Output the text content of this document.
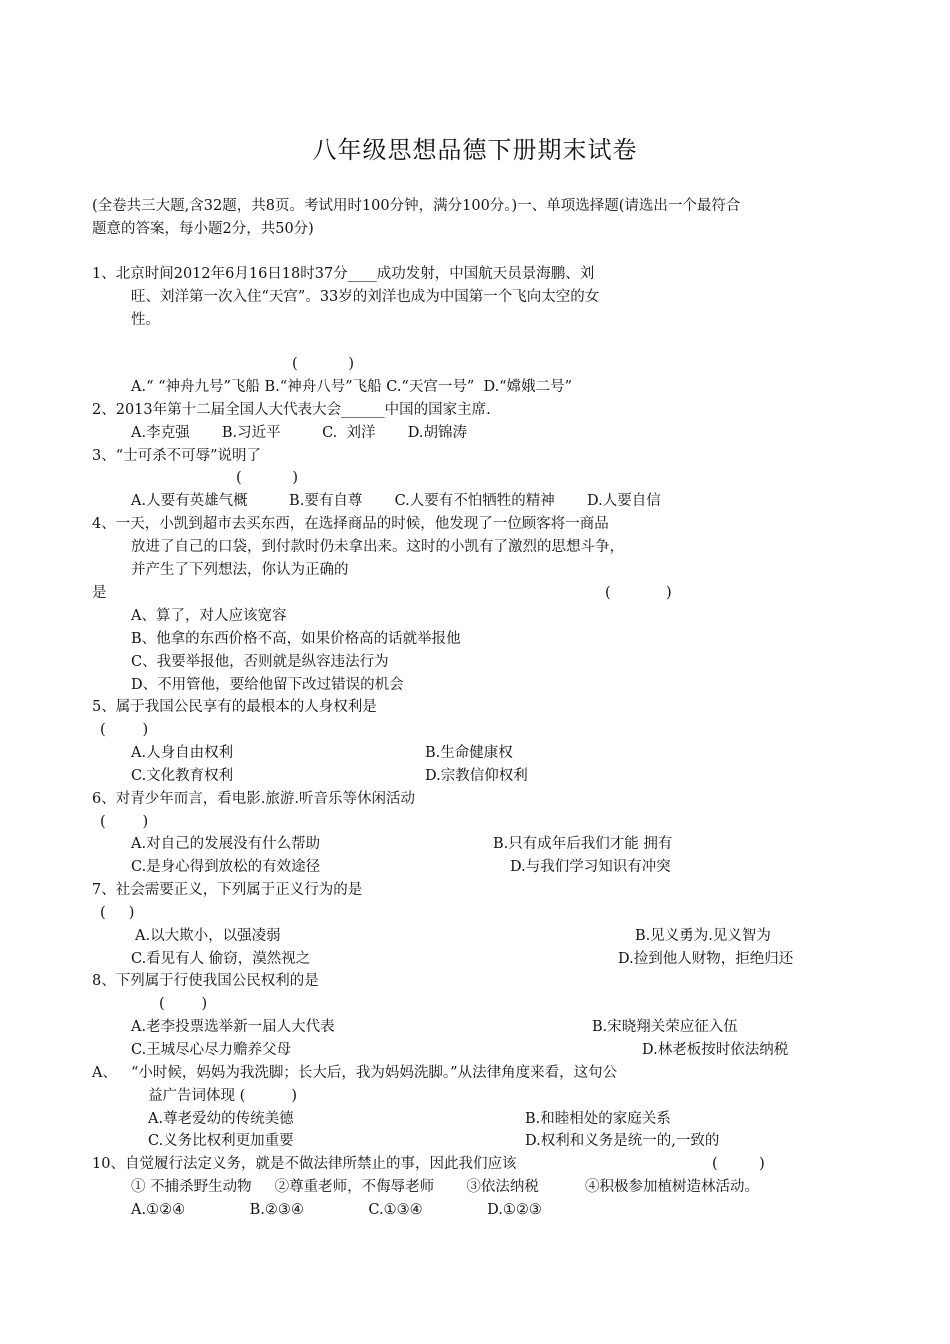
八年级思想品德下册期末试卷
(全卷共三大题,含32题，共8页。考试用时100分钟，满分100分。)一、单项选择题(请选出一个最符合
题意的答案，每小题2分，共50分)
1、北京时间2012年6月16日18时37分____成功发射，中国航天员景海鹏、刘
旺、刘洋第一次入住“天宫”。33岁的刘洋也成为中国第一个飞向太空的女
性。
(           )
A.“ “神舟九号”飞船 B.“神舟八号”飞船 C.“天宫一号”  D.“嫦娥二号”
2、2013年第十二届全国人大代表大会______中国的国家主席.
A.李克强       B.习近平         C.  刘洋       D.胡锦涛
3、“士可杀不可辱”说明了
(           )
A.人要有英雄气概         B.要有自尊       C.人要有不怕牺牲的精神       D.人要自信
4、一天，小凯到超市去买东西，在选择商品的时候，他发现了一位顾客将一商品
放进了自己的口袋，到付款时仍未拿出来。这时的小凯有了激烈的思想斗争，
并产生了下列想法，你认为正确的
是	(            )
A、算了，对人应该宽容
B、他拿的东西价格不高，如果价格高的话就举报他
C、我要举报他，否则就是纵容违法行为
D、不用管他，要给他留下改过错误的机会
5、属于我国公民享有的最根本的人身权利是
(        )
A.人身自由权利	B.生命健康权
C.文化教育权利	D.宗教信仰权利
6、对青少年而言，看电影.旅游.听音乐等休闲活动
(        )
A.对自己的发展没有什么帮助	B.只有成年后我们才能 拥有
C.是身心得到放松的有效途径	D.与我们学习知识有冲突
7、社会需要正义，下列属于正义行为的是
(     )
A.以大欺小，以强凌弱	B.见义勇为.见义智为
C.看见有人 偷窃，漠然视之	D.捡到他人财物，拒绝归还
8、下列属于行使我国公民权利的是
(        )
A.老李投票选举新一届人大代表	B.宋晓翔关荣应征入伍
C.王城尽心尽力赡养父母	D.林老板按时依法纳税
A、 “小时候，妈妈为我洗脚；长大后，我为妈妈洗脚。”从法律角度来看，这句公
益广告词体现 (          )
A.尊老爱幼的传统美德	B.和睦相处的家庭关系
C.义务比权利更加重要	D.权利和义务是统一的,一致的
10、自觉履行法定义务，就是不做法律所禁止的事，因此我们应该	(         )
① 不捕杀野生动物     ②尊重老师，不侮辱老师       ③依法纳税          ④积极参加植树造林活动。
A.①②④              B.②③④              C.①③④              D.①②③
